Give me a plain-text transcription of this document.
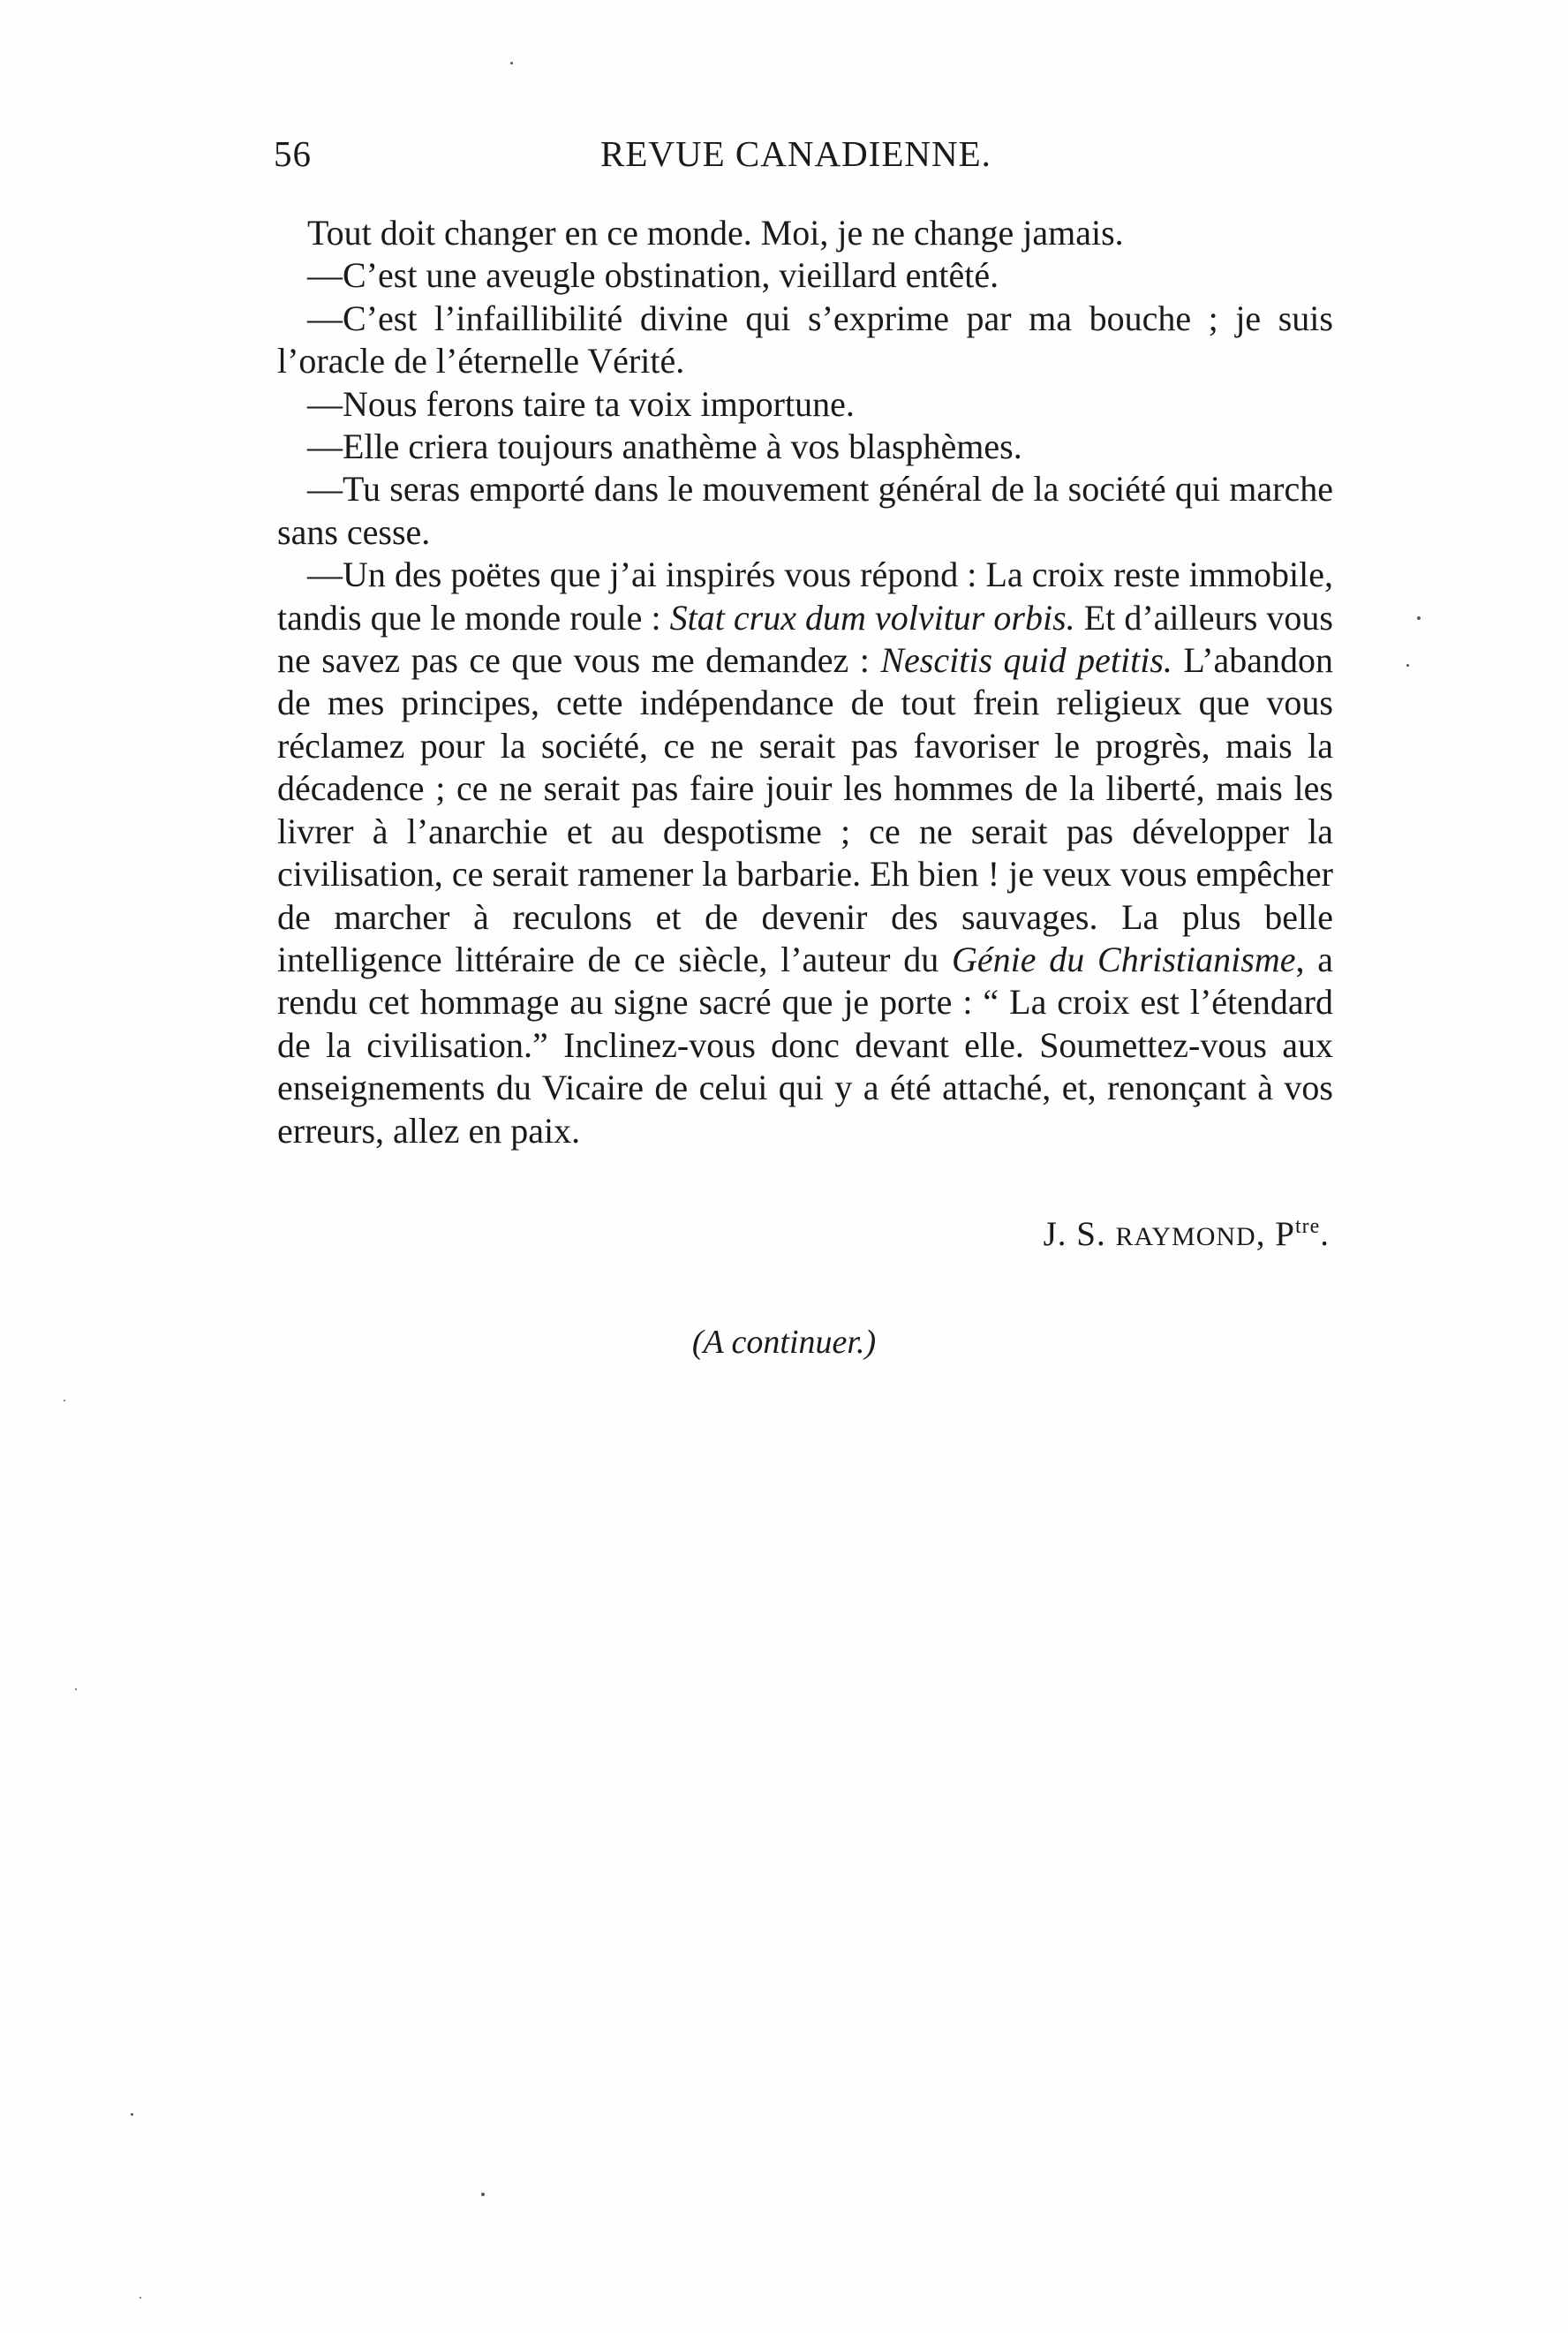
56	REVUE CANADIENNE.

Tout doit changer en ce monde. Moi, je ne change jamais.

—C’est une aveugle obstination, vieillard entêté.

—C’est l’infaillibilité divine qui s’exprime par ma bouche ; je suis l’oracle de l’éternelle Vérité.

—Nous ferons taire ta voix importune.

—Elle criera toujours anathème à vos blasphèmes.

—Tu seras emporté dans le mouvement général de la société qui marche sans cesse.

—Un des poëtes que j’ai inspirés vous répond : La croix reste immobile, tandis que le monde roule : Stat crux dum volvitur orbis. Et d’ailleurs vous ne savez pas ce que vous me demandez : Nescitis quid petitis. L’abandon de mes principes, cette indépendance de tout frein religieux que vous réclamez pour la société, ce ne serait pas favoriser le progrès, mais la décadence ; ce ne serait pas faire jouir les hommes de la liberté, mais les livrer à l’anarchie et au despotisme ; ce ne serait pas développer la civilisation, ce serait ramener la barbarie. Eh bien ! je veux vous empêcher de marcher à reculons et de devenir des sauvages. La plus belle intelligence littéraire de ce siècle, l’auteur du Génie du Christianisme, a rendu cet hommage au signe sacré que je porte : “ La croix est l’étendard de la civilisation.” Inclinez-vous donc devant elle. Soumettez-vous aux enseignements du Vicaire de celui qui y a été attaché, et, renonçant à vos erreurs, allez en paix.

J. S. RAYMOND, $P^{tre}$.
(A continuer.)
